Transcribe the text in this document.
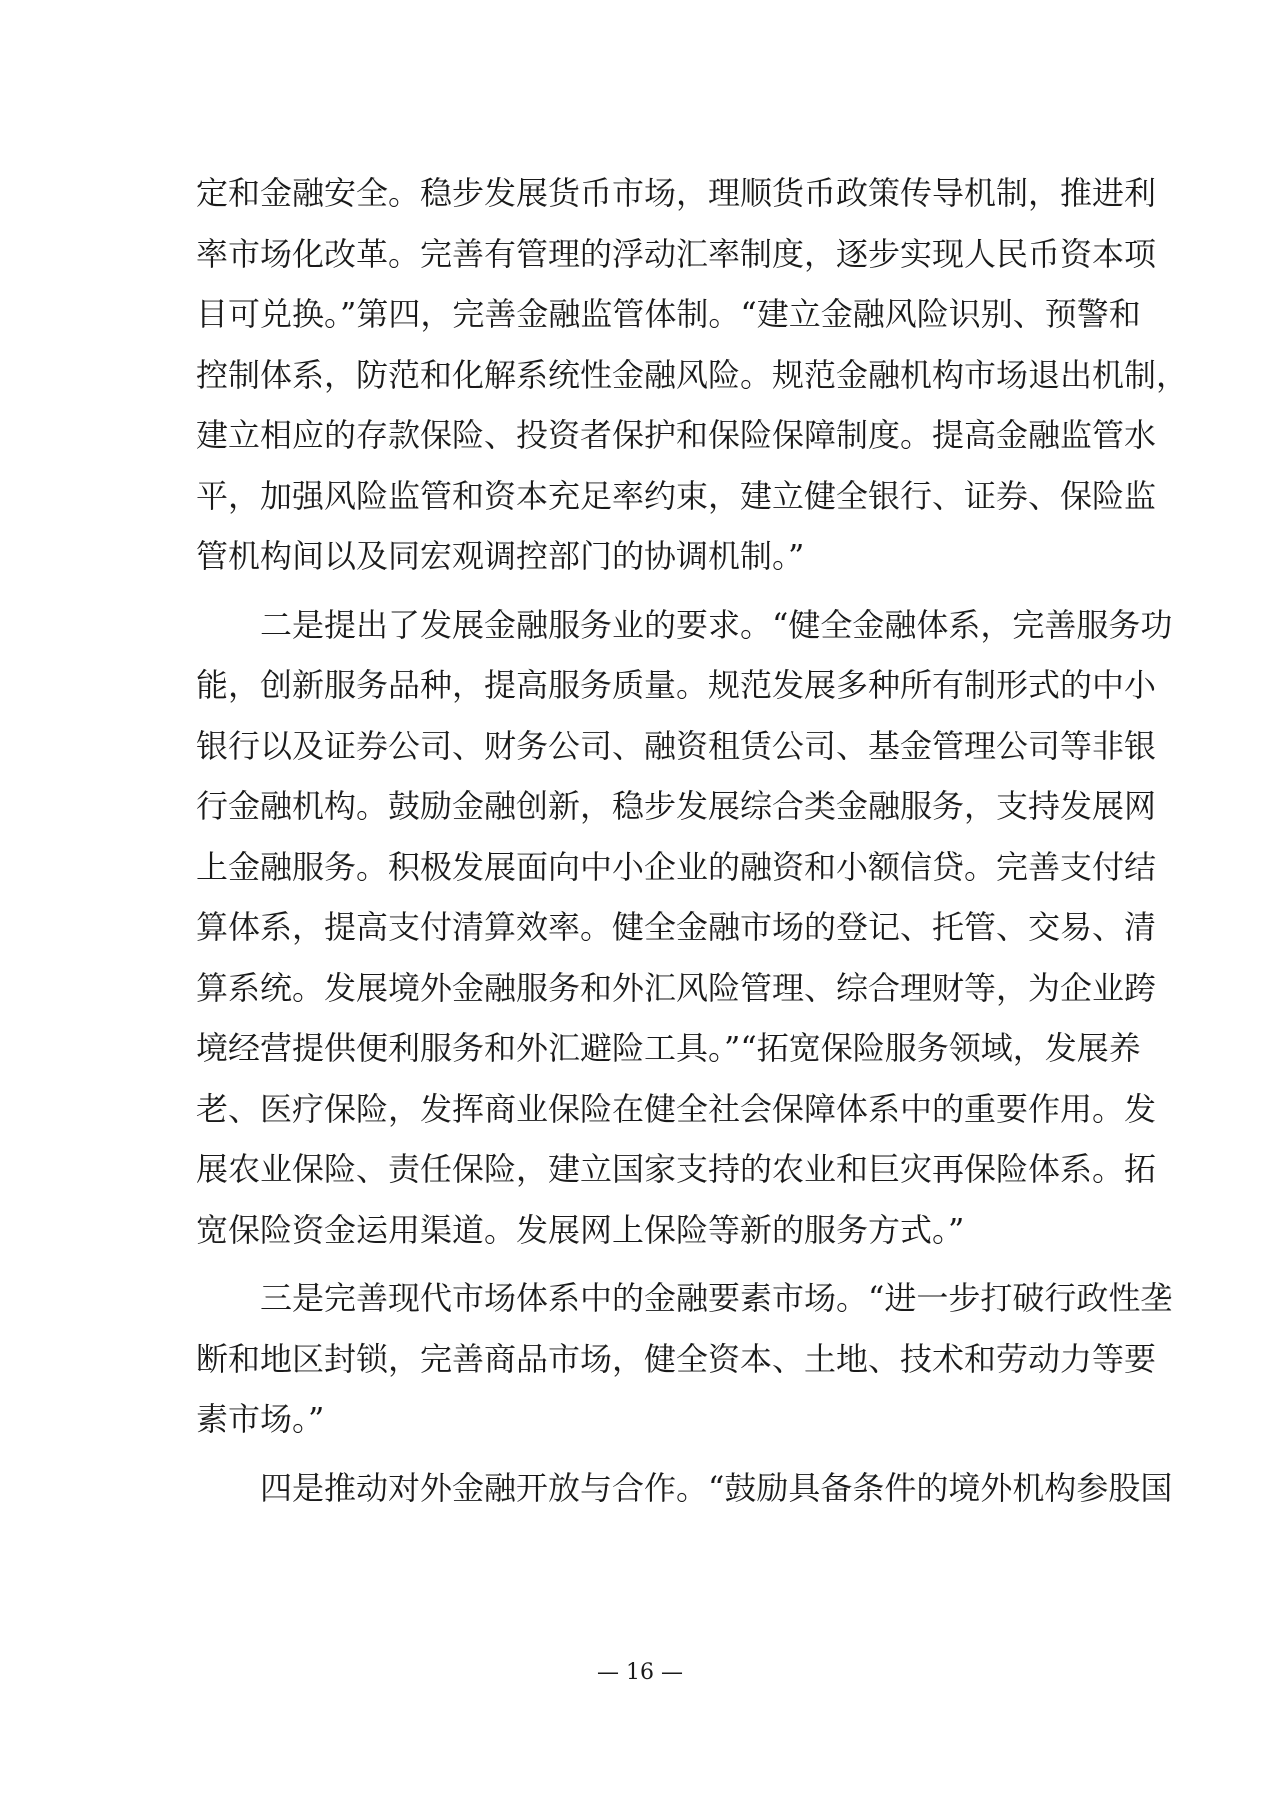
定和金融安全。稳步发展货币市场，理顺货币政策传导机制，推进利
率市场化改革。完善有管理的浮动汇率制度，逐步实现人民币资本项
目可兑换。”第四，完善金融监管体制。“建立金融风险识别、预警和
控制体系，防范和化解系统性金融风险。规范金融机构市场退出机制，
建立相应的存款保险、投资者保护和保险保障制度。提高金融监管水
平，加强风险监管和资本充足率约束，建立健全银行、证券、保险监
管机构间以及同宏观调控部门的协调机制。”
　　二是提出了发展金融服务业的要求。“健全金融体系，完善服务功
能，创新服务品种，提高服务质量。规范发展多种所有制形式的中小
银行以及证券公司、财务公司、融资租赁公司、基金管理公司等非银
行金融机构。鼓励金融创新，稳步发展综合类金融服务，支持发展网
上金融服务。积极发展面向中小企业的融资和小额信贷。完善支付结
算体系，提高支付清算效率。健全金融市场的登记、托管、交易、清
算系统。发展境外金融服务和外汇风险管理、综合理财等，为企业跨
境经营提供便利服务和外汇避险工具。”“拓宽保险服务领域，发展养
老、医疗保险，发挥商业保险在健全社会保障体系中的重要作用。发
展农业保险、责任保险，建立国家支持的农业和巨灾再保险体系。拓
宽保险资金运用渠道。发展网上保险等新的服务方式。”
　　三是完善现代市场体系中的金融要素市场。“进一步打破行政性垄
断和地区封锁，完善商品市场，健全资本、土地、技术和劳动力等要
素市场。”
　　四是推动对外金融开放与合作。“鼓励具备条件的境外机构参股国
— 16 —
